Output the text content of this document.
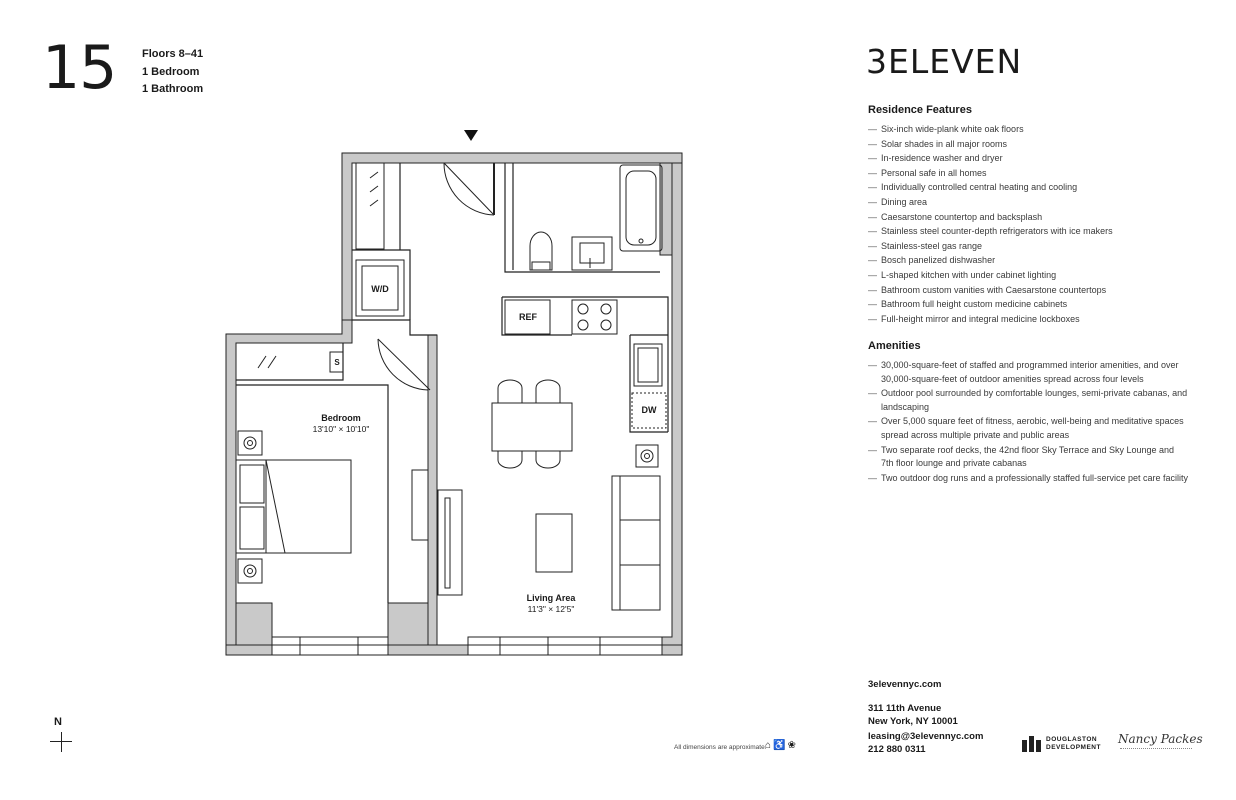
15 Floors 8–41
1 Bedroom
1 Bathroom
3ELEVEN
Residence Features
— Six-inch wide-plank white oak floors
— Solar shades in all major rooms
— In-residence washer and dryer
— Personal safe in all homes
— Individually controlled central heating and cooling
— Dining area
— Caesarstone countertop and backsplash
— Stainless steel counter-depth refrigerators with ice makers
— Stainless-steel gas range
— Bosch panelized dishwasher
— L-shaped kitchen with under cabinet lighting
— Bathroom custom vanities with Caesarstone countertops
— Bathroom full height custom medicine cabinets
— Full-height mirror and integral medicine lockboxes
Amenities
— 30,000-square-feet of staffed and programmed interior amenities, and over 30,000-square-feet of outdoor amenities spread across four levels
— Outdoor pool surrounded by comfortable lounges, semi-private cabanas, and landscaping
— Over 5,000 square feet of fitness, aerobic, well-being and meditative spaces spread across multiple private and public areas
— Two separate roof decks, the 42nd floor Sky Terrace and Sky Lounge and 7th floor lounge and private cabanas
— Two outdoor dog runs and a professionally staffed full-service pet care facility
3elevennyc.com
311 11th Avenue
New York, NY 10001
leasing@3elevennyc.com
212 880 0311
All dimensions are approximate.
⌂♿❀
N
DOUGLASTON
DEVELOPMENT
Nancy Packes
W/D
REF
DW
S
Bedroom
13'10" × 10'10"
Living Area
11'3" × 12'5"
